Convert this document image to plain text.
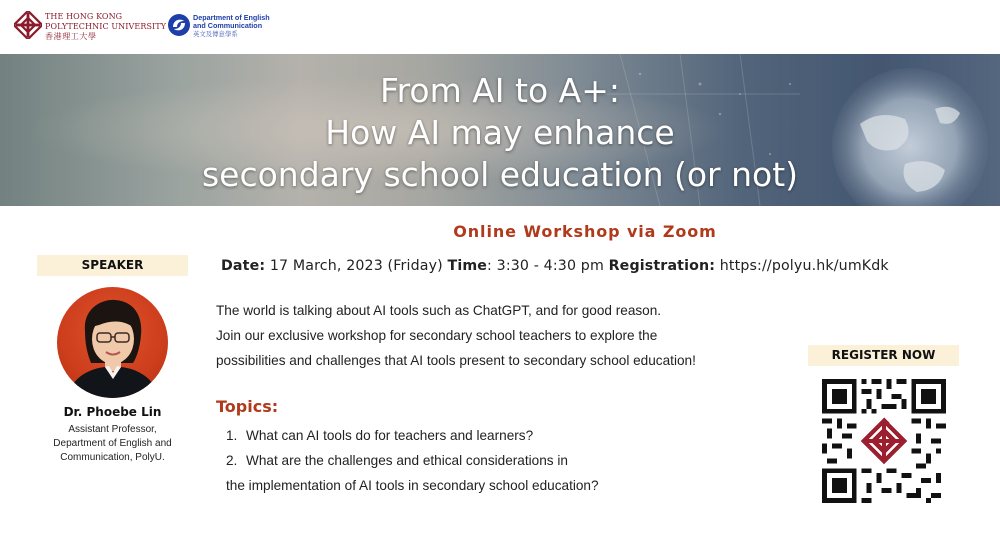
THE HONG KONG
POLYTECHNIC UNIVERSITY
香港理工大學
Department of English
and Communication
英文及傳意學系
From AI to A+:
How AI may enhance
secondary school education (or not)
Online Workshop via Zoom
Date: 17 March, 2023 (Friday) Time: 3:30 - 4:30 pm Registration: https://polyu.hk/umKdk
SPEAKER
Dr. Phoebe Lin
Assistant Professor,
Department of English and
Communication, PolyU.

The world is talking about AI tools such as ChatGPT, and for good reason.

Join our exclusive workshop for secondary school teachers to explore the

possibilities and challenges that AI tools present to secondary school education!

Topics:
1. What can AI tools do for teachers and learners?
2. What are the challenges and ethical considerations in
the implementation of AI tools in secondary school education?
REGISTER NOW
